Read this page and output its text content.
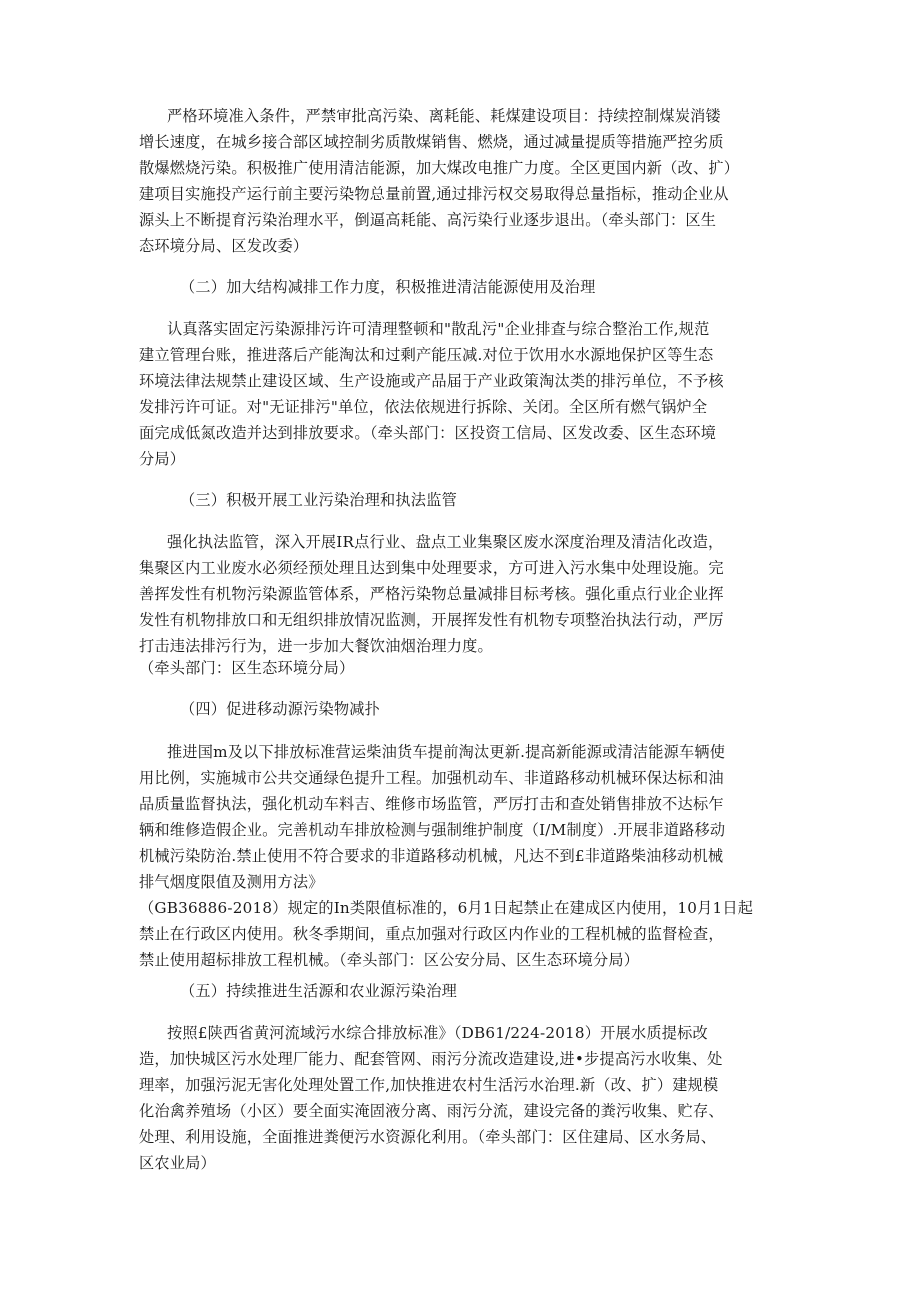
严格环境准入条件，严禁审批高污染、离耗能、耗煤建设项目：持续控制煤炭消镂
增长速度，在城乡接合部区域控制劣质散煤销售、燃烧，通过减量提质等措施严控劣质
散爆燃烧污染。积极推广使用清洁能源，加大煤改电推广力度。全区更国内新（改、扩）
建项目实施投产运行前主要污染物总量前置,通过排污权交易取得总量指标，推动企业从
源头上不断提育污染治理水平，倒逼高耗能、高污染行业逐步退出。（牵头部门：区生
态环境分局、区发改委）
（二）加大结构减排工作力度，积极推进清洁能源使用及治理
认真落实固定污染源排污许可清理整顿和"散乱污"企业排查与综合整治工作,规范
建立管理台账，推进落后产能淘汰和过剩产能压减.对位于饮用水水源地保护区等生态
环境法律法规禁止建设区域、生产设施或产品届于产业政策淘汰类的排污单位，不予核
发排污许可证。对"无证排污"单位，依法依规进行拆除、关闭。全区所有燃气锅炉全
面完成低氮改造并达到排放要求。（牵头部门：区投资工信局、区发改委、区生态环境
分局）
（三）积极开展工业污染治理和执法监管
强化执法监管，深入开展IR点行业、盘点工业集聚区废水深度治理及清洁化改造，
集聚区内工业废水必须经预处理且达到集中处理要求，方可进入污水集中处理设施。完
善挥发性有机物污染源监管体系，严格污染物总量减排目标考核。强化重点行业企业挥
发性有机物排放口和无组织排放情况监测，开展挥发性有机物专项整治执法行动，严厉
打击违法排污行为，进一步加大餐饮油烟治理力度。
（牵头部门：区生态环境分局）
（四）促进移动源污染物减扑
推进国m及以下排放标准营运柴油货车提前淘汰更新.提高新能源或清洁能源车辆使
用比例，实施城市公共交通绿色提升工程。加强机动车、非道路移动机械环保达标和油
品质量监督执法，强化机动车料吉、维修市场监管，严厉打击和查处销售排放不达标乍
辆和维修造假企业。完善机动车排放检测与强制维护制度（I/M制度）.开展非道路移动
机械污染防治.禁止使用不符合要求的非道路移动机械，凡达不到£非道路柴油移动机械
排气烟度限值及测用方法》
（GB36886-2018）规定的In类限值标准的，6月1日起禁止在建成区内使用，10月1日起
禁止在行政区内使用。秋冬季期间，重点加强对行政区内作业的工程机械的监督检查，
禁止使用超标排放工程机械。（牵头部门：区公安分局、区生态环境分局）
（五）持续推进生活源和农业源污染治理
按照£陕西省黄河流域污水综合排放标准》（DB61/224-2018）开展水质提标改
造，加快城区污水处理厂能力、配套管网、雨污分流改造建设,进•步提高污水收集、处
理率，加强污泥无害化处理处置工作,加快推进农村生活污水治理.新（改、扩）建规模
化治禽养殖场（小区）要全面实淹固液分离、雨污分流，建设完备的粪污收集、贮存、
处理、利用设施，全面推进粪便污水资源化利用。（牵头部门：区住建局、区水务局、
区农业局）
